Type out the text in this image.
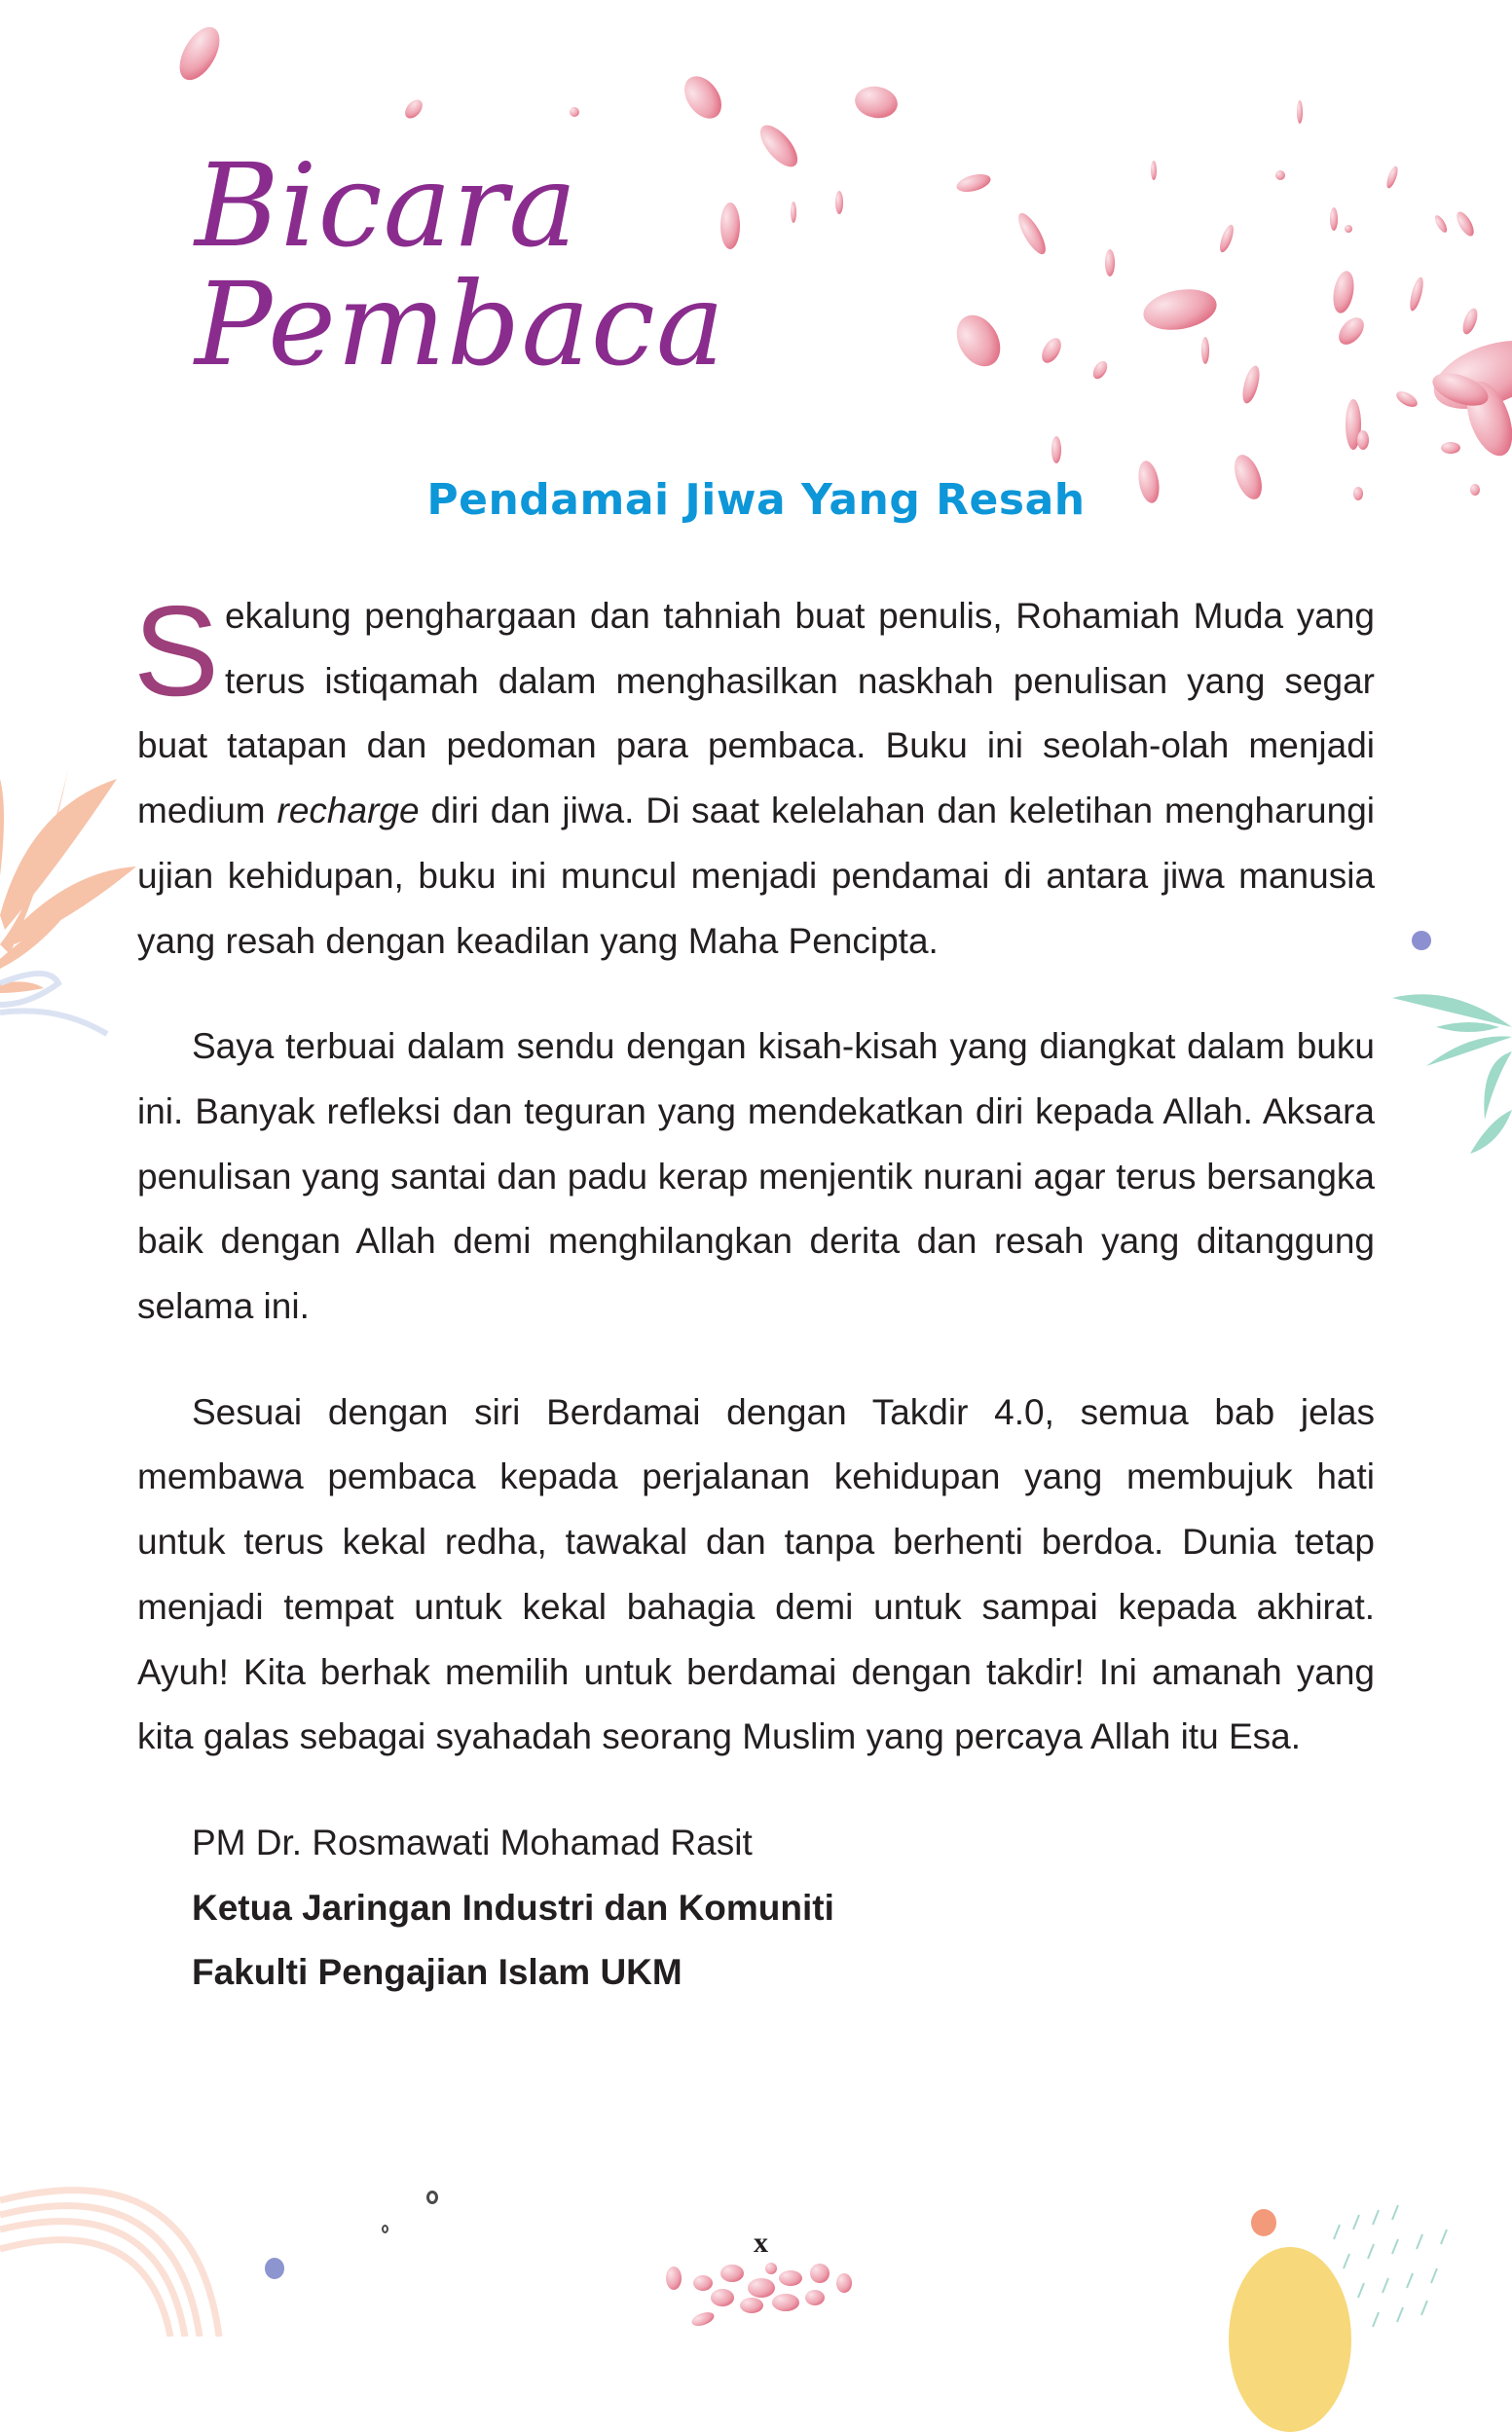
Bicara
Pembaca
Pendamai Jiwa Yang Resah

Sekalung penghargaan dan tahniah buat penulis, Rohamiah Muda yang terus istiqamah dalam menghasilkan naskhah penulisan yang segar buat tatapan dan pedoman para pembaca. Buku ini seolah-olah menjadi medium recharge diri dan jiwa. Di saat kelelahan dan keletihan mengharungi ujian kehidupan, buku ini muncul menjadi pendamai di antara jiwa manusia yang resah dengan keadilan yang Maha Pencipta.

Saya terbuai dalam sendu dengan kisah-kisah yang diangkat dalam buku ini. Banyak refleksi dan teguran yang mendekatkan diri kepada Allah. Aksara penulisan yang santai dan padu kerap menjentik nurani agar terus bersangka baik dengan Allah demi menghilangkan derita dan resah yang ditanggung selama ini.

Sesuai dengan siri Berdamai dengan Takdir 4.0, semua bab jelas membawa pembaca kepada perjalanan kehidupan yang membujuk hati untuk terus kekal redha, tawakal dan tanpa berhenti berdoa. Dunia tetap menjadi tempat untuk kekal bahagia demi untuk sampai kepada akhirat. Ayuh! Kita berhak memilih untuk berdamai dengan takdir! Ini amanah yang kita galas sebagai syahadah seorang Muslim yang percaya Allah itu Esa.

PM Dr. Rosmawati Mohamad Rasit
Ketua Jaringan Industri dan Komuniti
Fakulti Pengajian Islam UKM
x
